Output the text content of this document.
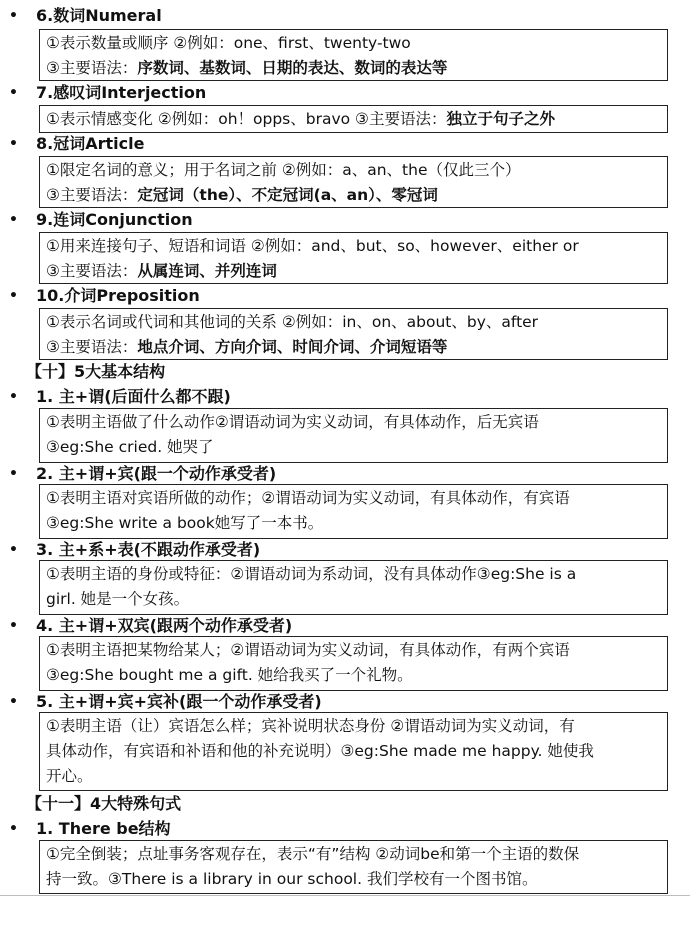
• 6.数词Numeral
①表示数量或顺序 ②例如：one、first、twenty-two
③主要语法：序数词、基数词、日期的表达、数词的表达等
• 7.感叹词Interjection
①表示情感变化 ②例如：oh！opps、bravo ③主要语法：独立于句子之外
• 8.冠词Article
①限定名词的意义；用于名词之前 ②例如：a、an、the（仅此三个）
③主要语法：定冠词（the）、不定冠词(a、an）、零冠词
• 9.连词Conjunction
①用来连接句子、短语和词语 ②例如：and、but、so、however、either or
③主要语法：从属连词、并列连词
• 10.介词Preposition
①表示名词或代词和其他词的关系 ②例如：in、on、about、by、after
③主要语法：地点介词、方向介词、时间介词、介词短语等
【十】5大基本结构
• 1. 主+谓(后面什么都不跟)
①表明主语做了什么动作②谓语动词为实义动词，有具体动作，后无宾语
③eg:She cried. 她哭了
• 2. 主+谓+宾(跟一个动作承受者)
①表明主语对宾语所做的动作；②谓语动词为实义动词，有具体动作，有宾语
③eg:She write a book她写了一本书。
• 3. 主+系+表(不跟动作承受者)
①表明主语的身份或特征：②谓语动词为系动词，没有具体动作③eg:She is a
girl. 她是一个女孩。
• 4. 主+谓+双宾(跟两个动作承受者)
①表明主语把某物给某人；②谓语动词为实义动词，有具体动作，有两个宾语
③eg:She bought me a gift. 她给我买了一个礼物。
• 5. 主+谓+宾+宾补(跟一个动作承受者)
①表明主语（让）宾语怎么样；宾补说明状态身份 ②谓语动词为实义动词，有
具体动作，有宾语和补语和他的补充说明）③eg:She made me happy. 她使我
开心。
【十一】4大特殊句式
• 1. There be结构
①完全倒装；点址事务客观存在，表示“有”结构 ②动词be和第一个主语的数保
持一致。③There is a library in our school. 我们学校有一个图书馆。
